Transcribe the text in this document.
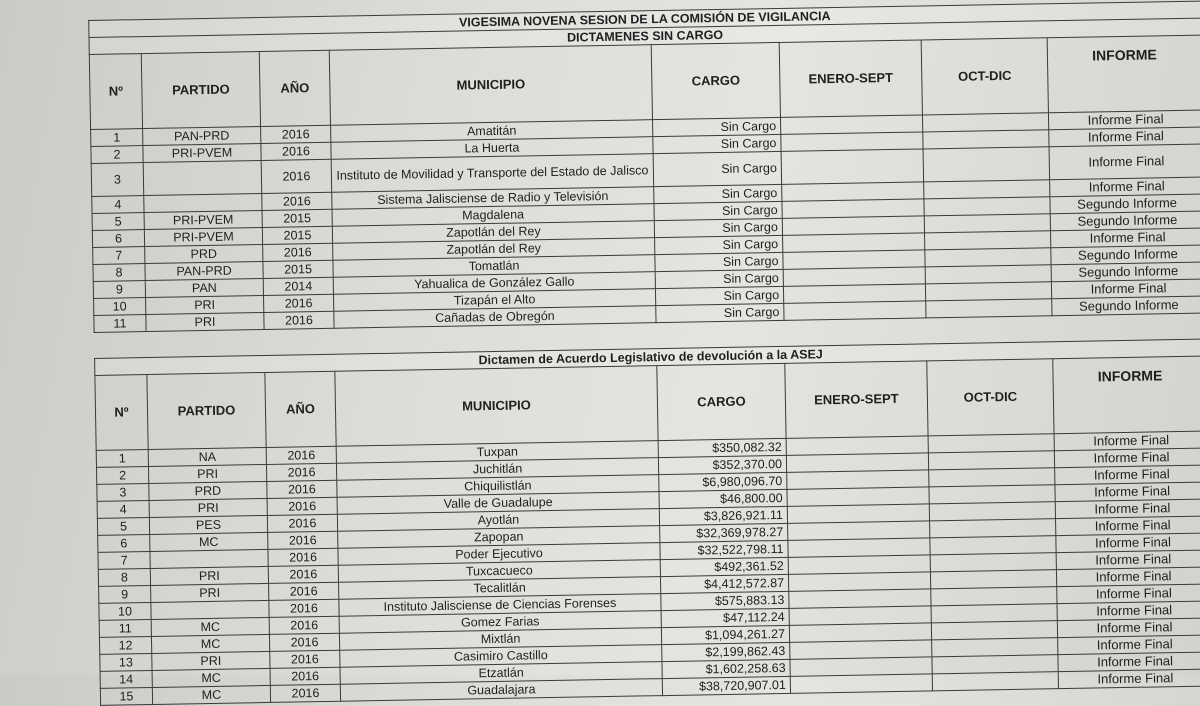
VIGESIMA NOVENA SESION DE LA COMISIÓN DE VIGILANCIA							
DICTAMENES SIN CARGO							
Nº	PARTIDO	AÑO	MUNICIPIO	CARGO	ENERO-SEPT	OCT-DIC	INFORME
1	PAN-PRD	2016	Amatitán	Sin Cargo			Informe Final
2	PRI-PVEM	2016	La Huerta	Sin Cargo			Informe Final
3		2016	Instituto de Movilidad y Transporte del Estado de Jalisco	Sin Cargo			Informe Final
4		2016	Sistema Jalisciense de Radio y Televisión	Sin Cargo			Informe Final
5	PRI-PVEM	2015	Magdalena	Sin Cargo			Segundo Informe
6	PRI-PVEM	2015	Zapotlán del Rey	Sin Cargo			Segundo Informe
7	PRD	2016	Zapotlán del Rey	Sin Cargo			Informe Final
8	PAN-PRD	2015	Tomatlán	Sin Cargo			Segundo Informe
9	PAN	2014	Yahualica de González Gallo	Sin Cargo			Segundo Informe
10	PRI	2016	Tizapán el Alto	Sin Cargo			Informe Final
11	PRI	2016	Cañadas de Obregón	Sin Cargo			Segundo Informe
Dictamen de Acuerdo Legislativo de devolución a la ASEJ							
Nº	PARTIDO	AÑO	MUNICIPIO	CARGO	ENERO-SEPT	OCT-DIC	INFORME
1	NA	2016	Tuxpan	$350,082.32			Informe Final
2	PRI	2016	Juchitlán	$352,370.00			Informe Final
3	PRD	2016	Chiquilistlán	$6,980,096.70			Informe Final
4	PRI	2016	Valle de Guadalupe	$46,800.00			Informe Final
5	PES	2016	Ayotlán	$3,826,921.11			Informe Final
6	MC	2016	Zapopan	$32,369,978.27			Informe Final
7		2016	Poder Ejecutivo	$32,522,798.11			Informe Final
8	PRI	2016	Tuxcacueco	$492,361.52			Informe Final
9	PRI	2016	Tecalitlán	$4,412,572.87			Informe Final
10		2016	Instituto Jalisciense de Ciencias Forenses	$575,883.13			Informe Final
11	MC	2016	Gomez Farias	$47,112.24			Informe Final
12	MC	2016	Mixtlán	$1,094,261.27			Informe Final
13	PRI	2016	Casimiro Castillo	$2,199,862.43			Informe Final
14	MC	2016	Etzatlán	$1,602,258.63			Informe Final
15	MC	2016	Guadalajara	$38,720,907.01			Informe Final
